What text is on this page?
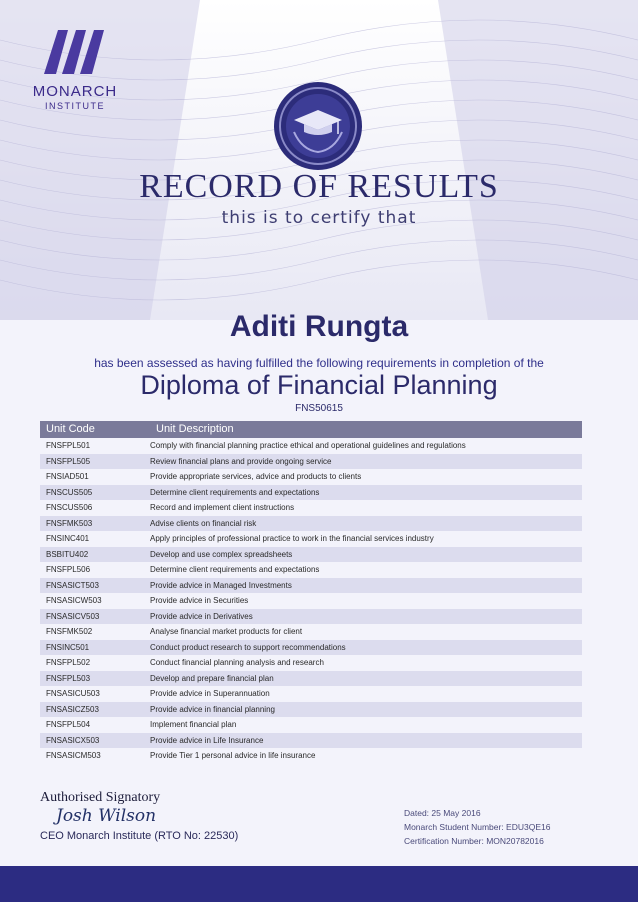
MONARCH
INSTITUTE
RECORD OF RESULTS
this is to certify that
Aditi Rungta
has been assessed as having fulfilled the following requirements in completion of the
Diploma of Financial Planning
FNS50615
Unit Code	Unit Description
FNSFPL501	Comply with financial planning practice ethical and operational guidelines and regulations
FNSFPL505	Review financial plans and provide ongoing service
FNSIAD501	Provide appropriate services, advice and products to clients
FNSCUS505	Determine client requirements and expectations
FNSCUS506	Record and implement client instructions
FNSFMK503	Advise clients on financial risk
FNSINC401	Apply principles of professional practice to work in the financial services industry
BSBITU402	Develop and use complex spreadsheets
FNSFPL506	Determine client requirements and expectations
FNSASICT503	Provide advice in Managed Investments
FNSASICW503	Provide advice in Securities
FNSASICV503	Provide advice in Derivatives
FNSFMK502	Analyse financial market products for client
FNSINC501	Conduct product research to support recommendations
FNSFPL502	Conduct financial planning analysis and research
FNSFPL503	Develop and prepare financial plan
FNSASICU503	Provide advice in Superannuation
FNSASICZ503	Provide advice in financial planning
FNSFPL504	Implement financial plan
FNSASICX503	Provide advice in Life Insurance
FNSASICM503	Provide Tier 1 personal advice in life insurance
Authorised Signatory
Josh Wilson
CEO Monarch Institute (RTO No: 22530)
Dated: 25 May 2016
Monarch Student Number: EDU3QE16
Certification Number: MON20782016
